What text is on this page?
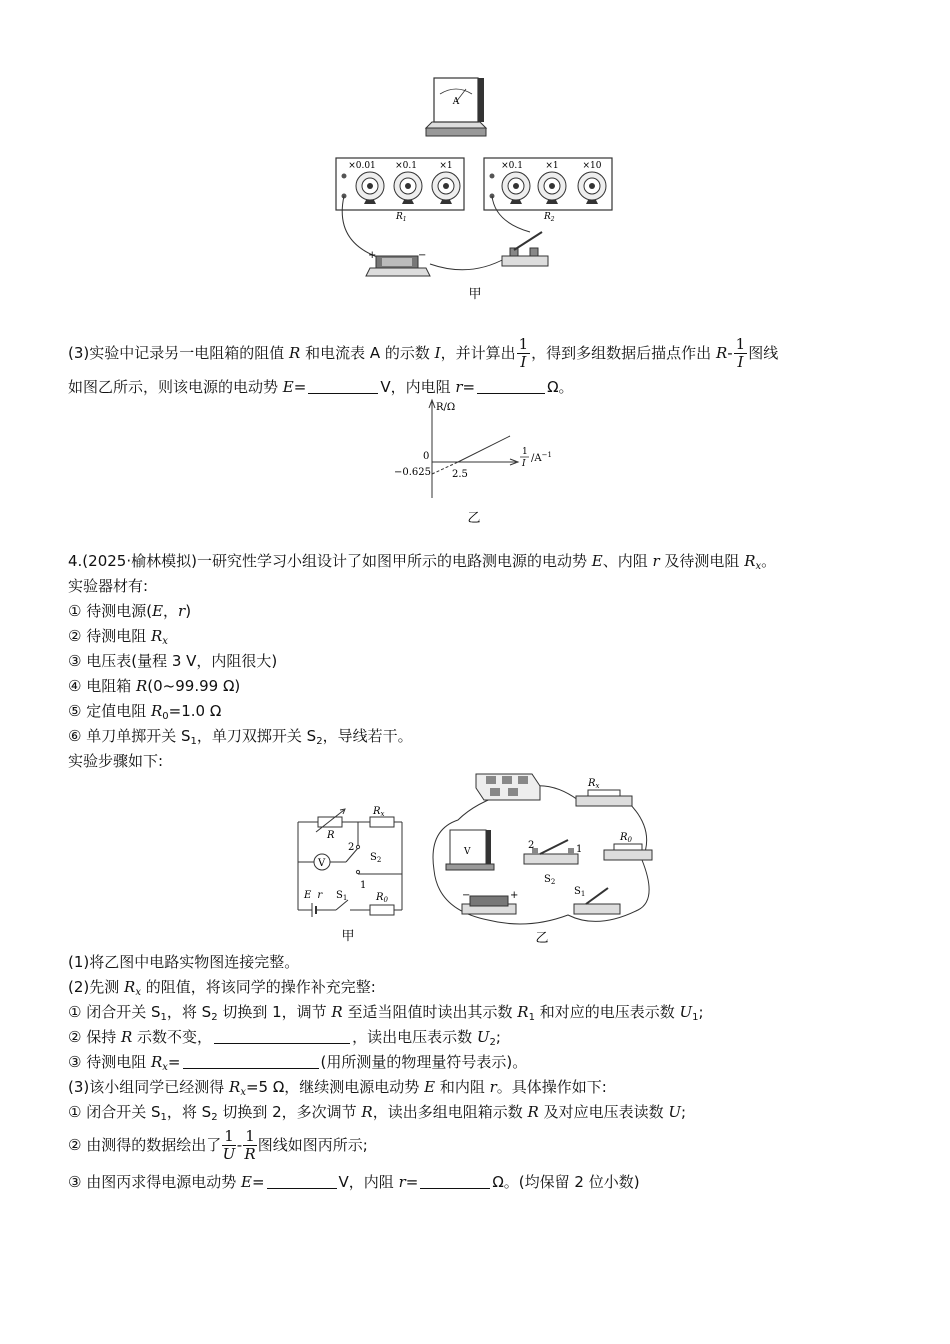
A
×0.01 ×0.1 ×1
$R_1$
×0.1 ×1	×10
$R_2$
+	−
甲
(3)实验中记录另一电阻箱的阻值 R 和电流表 A 的示数 I，并计算出 $\frac{1}{I}$ ，得到多组数据后描点作出 $R- \frac{1}{I}$ 图线
如图乙所示，则该电源的电动势 E=	V，内电阻 r=	Ω。
R/Ω
0
−0.625 2.5
1
I $/A^{-1}$
乙
4.(2025·榆林模拟)一研究性学习小组设计了如图甲所示的电路测电源的电动势 E、内阻 r 及待测电阻 $R_x$。
实验器材有:
① 待测电源(E，r)
② 待测电阻 $R_x$
③ 电压表(量程 3 V，内阻很大)
④ 电阻箱 R(0~99.99 Ω)
⑤ 定值电阻 $R_0=1.0$ Ω
⑥ 单刀单掷开关 $S_1$，单刀双掷开关 $S_2$，导线若干。
实验步骤如下:
R
$R_x$
V
2
$S_2$
1
E r $S_1$	$R_0$
甲
$R_x$
$R_0$
V
2	1
$S_2$
−	+	$S_1$
乙
(1)将乙图中电路实物图连接完整。
(2)先测 $R_x$ 的阻值，将该同学的操作补充完整:
① 闭合开关 $S_1$，将 $S_2$ 切换到 1，调节 R 至适当阻值时读出其示数 $R_1$ 和对应的电压表示数 $U_1$;
② 保持 R 示数不变，	，读出电压表示数 $U_2$;
③ 待测电阻 $R_x=$	(用所测量的物理量符号表示)。
(3)该小组同学已经测得 $R_x=5$ Ω，继续测电源电动势 E 和内阻 r。具体操作如下:
① 闭合开关 $S_1$，将 $S_2$ 切换到 2，多次调节 R，读出多组电阻箱示数 R 及对应电压表读数 U;
② 由测得的数据绘出了 $\frac{1}{U} - \frac{1}{R}$ 图线如图丙所示;
③ 由图丙求得电源电动势 E=	V，内阻 r=	Ω。(均保留 2 位小数)
